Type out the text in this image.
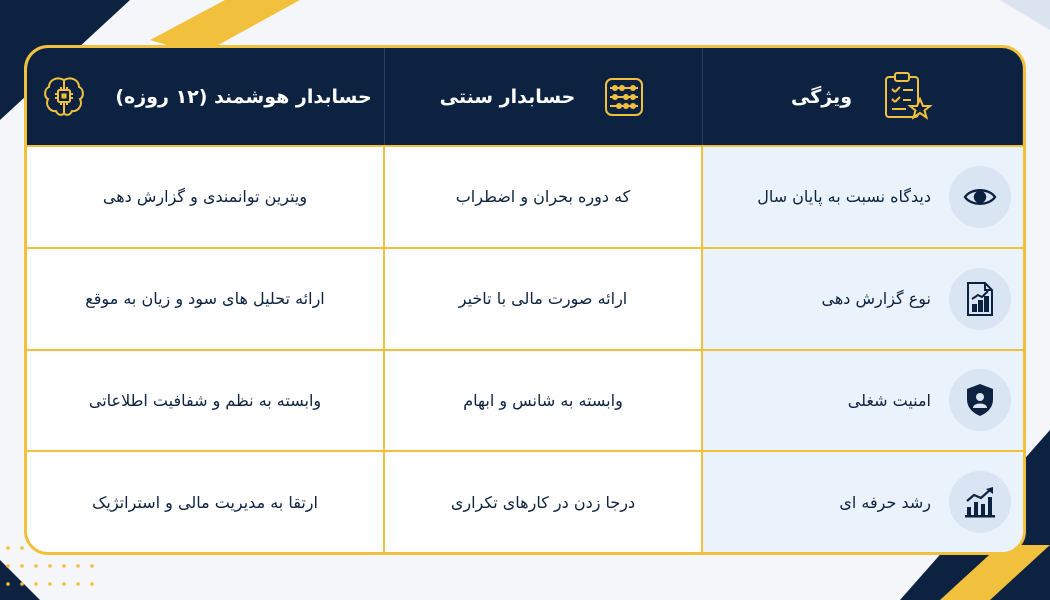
حسابدار هوشمند (۱۲ روزه)	حسابدار سنتی	ویژگی
ویترین توانمندی و گزارش دهی	که دوره بحران و اضطراب	دیدگاه نسبت به پایان سال
ارائه تحلیل های سود و زیان به موقع	ارائه صورت مالی با تاخیر	نوع گزارش دهی
وابسته به نظم و شفافیت اطلاعاتی	وابسته به شانس و ابهام	امنیت شغلی
ارتقا به مدیریت مالی و استراتژیک	درجا زدن در کارهای تکراری	رشد حرفه ای
